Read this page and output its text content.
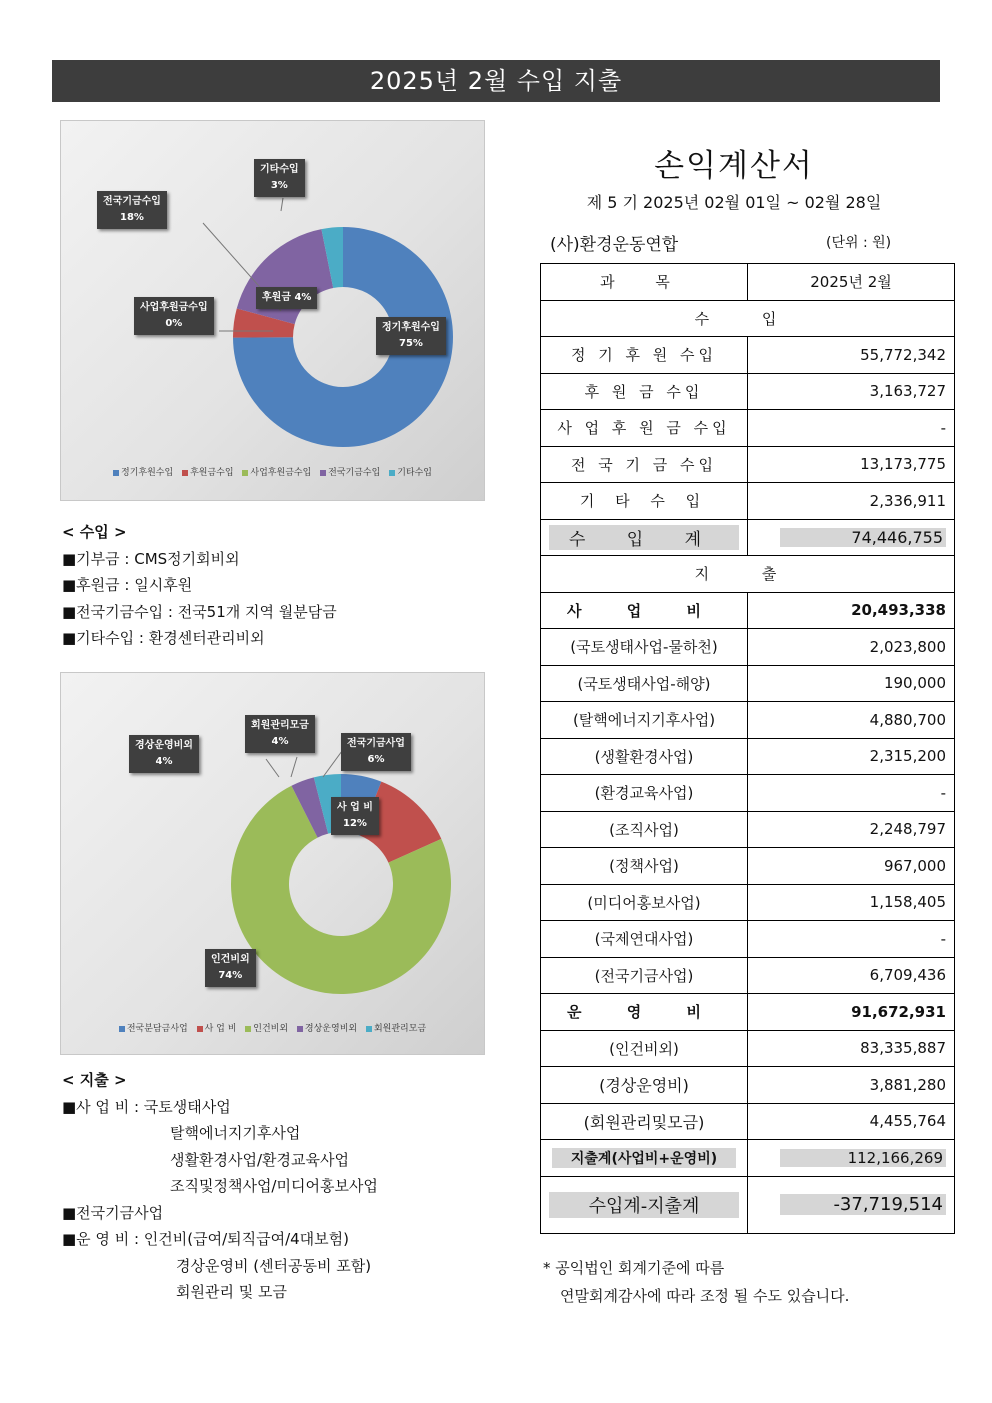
2025년 2월 수입 지출
기타수입
3%
전국기금수입
18%
사업후원금수입
0%
후원금 4%
정기후원수입
75%
정기후원수입 후원금수입 사업후원금수입 전국기금수입 기타수입
< 수입 >
■기부금 : CMS정기회비외
■후원금 : 일시후원
■전국기금수입 : 전국51개 지역 월분담금
■기타수입 : 환경센터관리비외
회원관리모금
4%
경상운영비외
4%
전국기금사업
6%
사 업 비
12%
인건비외
74%
전국분담금사업 사 업 비 인건비외 경상운영비외 회원관리모금
< 지출 >
■사 업 비 : 국토생태사업
탈핵에너지기후사업
생활환경사업/환경교육사업
조직및정책사업/미디어홍보사업
■전국기금사업
■운 영 비 : 인건비(급여/퇴직급여/4대보험)
경상운영비 (센터공동비 포함)
회원관리 및 모금
손익계산서
제 5 기 2025년 02월 01일 ~ 02월 28일
(사)환경운동연합	(단위 : 원)
과 목	2025년 2월
수 입	
정 기 후 원 수입	55,772,342
후 원 금 수입	3,163,727
사 업 후 원 금 수입	-
전 국 기 금 수입	13,173,775
기 타 수 입	2,336,911
수 입 계	74,446,755
지 출	
사 업 비	20,493,338
(국토생태사업-물하천)	2,023,800
(국토생태사업-해양)	190,000
(탈핵에너지기후사업)	4,880,700
(생활환경사업)	2,315,200
(환경교육사업)	-
(조직사업)	2,248,797
(정책사업)	967,000
(미디어홍보사업)	1,158,405
(국제연대사업)	-
(전국기금사업)	6,709,436
운 영 비	91,672,931
(인건비외)	83,335,887
(경상운영비)	3,881,280
(회원관리및모금)	4,455,764
지출계(사업비+운영비)	112,166,269
수입계-지출계	-37,719,514
* 공익법인 회계기준에 따름
연말회계감사에 따라 조정 될 수도 있습니다.
